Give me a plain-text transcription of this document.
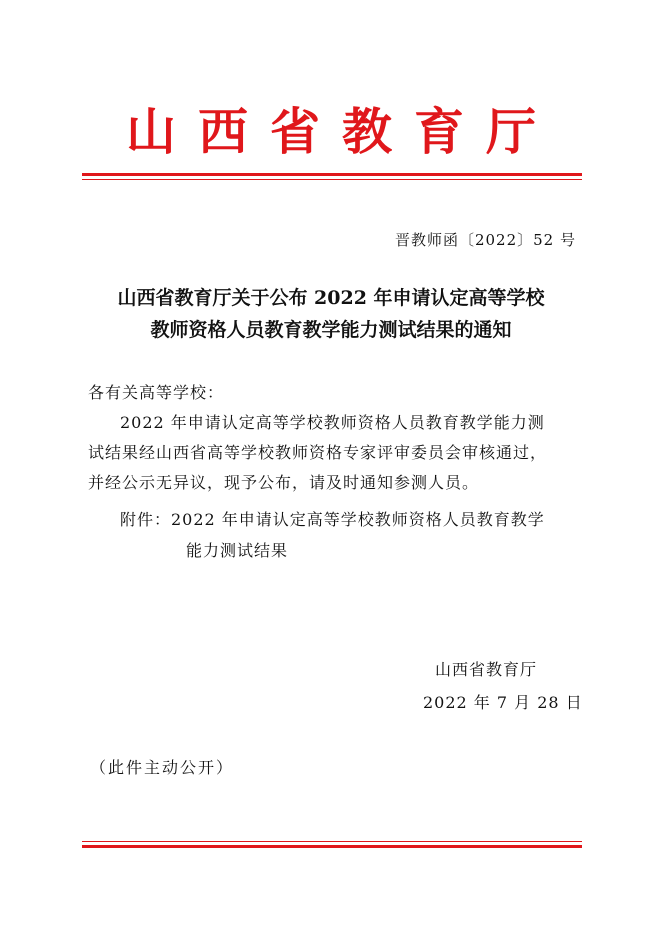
山西省教育厅
晋教师函〔2022〕52 号
山西省教育厅关于公布 2022 年申请认定高等学校
教师资格人员教育教学能力测试结果的通知
各有关高等学校：
2022 年申请认定高等学校教师资格人员教育教学能力测
试结果经山西省高等学校教师资格专家评审委员会审核通过，
并经公示无异议，现予公布，请及时通知参测人员。
附件：2022 年申请认定高等学校教师资格人员教育教学
能力测试结果
山西省教育厅
2022 年 7 月 28 日
（此件主动公开）
